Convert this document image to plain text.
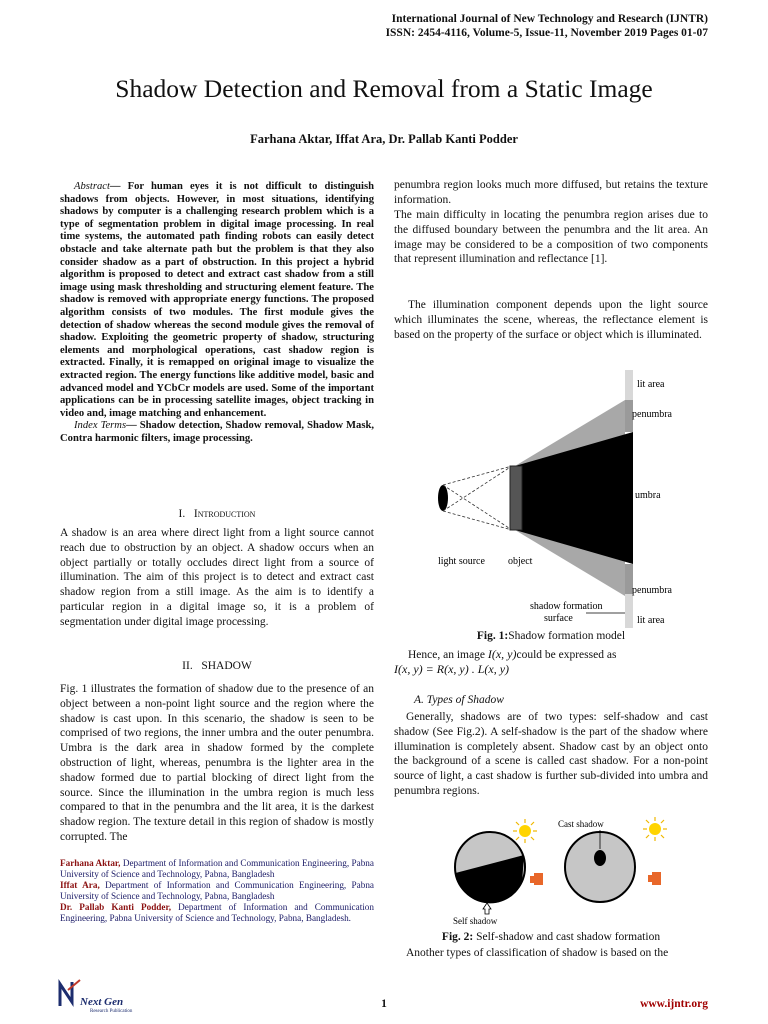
International Journal of New Technology and Research (IJNTR)
ISSN: 2454-4116, Volume-5, Issue-11, November 2019 Pages 01-07
Shadow Detection and Removal from a Static Image
Farhana Aktar, Iffat Ara, Dr. Pallab Kanti Podder
Abstract— For human eyes it is not difficult to distinguish shadows from objects. However, in most situations, identifying shadows by computer is a challenging research problem which is a type of segmentation problem in digital image processing. In real time systems, the automated path finding robots can easily detect obstacle and take alternate path but the problem is that they also consider shadow as a part of obstruction. In this project a hybrid algorithm is proposed to detect and extract cast shadow from a still image using mask thresholding and structuring element feature. The shadow is removed with appropriate energy functions. The proposed algorithm consists of two modules. The first module gives the detection of shadow whereas the second module gives the removal of shadow. Exploiting the geometric property of shadow, structuring elements and morphological operations, cast shadow region is extracted. Finally, it is remapped on original image to visualize the extracted region. The energy functions like additive model, basic and advanced model and YCbCr models are used. Some of the important applications can be in processing satellite images, object tracking in video and, image matching and enhancement.
Index Terms— Shadow detection, Shadow removal, Shadow Mask, Contra harmonic filters, image processing.
I. Introduction
A shadow is an area where direct light from a light source cannot reach due to obstruction by an object. A shadow occurs when an object partially or totally occludes direct light from a source of illumination. The aim of this project is to detect and extract cast shadow region from a still image. As the aim is to identify a particular region in a digital image so, it is a problem of segmentation under digital image processing.
II. SHADOW
Fig. 1 illustrates the formation of shadow due to the presence of an object between a non-point light source and the region where the shadow is cast upon. In this scenario, the shadow is seen to be comprised of two regions, the inner umbra and the outer penumbra. Umbra is the dark area in shadow formed by the complete obstruction of light, whereas, penumbra is the lighter area in the shadow formed due to partial blocking of direct light from the source. Since the illumination in the umbra region is much less compared to that in the penumbra and the lit area, it is the darkest shadow region. The texture detail in this region of shadow is mostly corrupted. The
Farhana Aktar, Department of Information and Communication Engineering, Pabna University of Science and Technology, Pabna, Bangladesh
Iffat Ara, Department of Information and Communication Engineering, Pabna University of Science and Technology, Pabna, Bangladesh
Dr. Pallab Kanti Podder, Department of Information and Communication Engineering, Pabna University of Science and Technology, Pabna, Bangladesh.
penumbra region looks much more diffused, but retains the texture information.
The main difficulty in locating the penumbra region arises due to the diffused boundary between the penumbra and the lit area. An image may be considered to be a composition of two components that represent illumination and reflectance [1].
The illumination component depends upon the light source which illuminates the scene, whereas, the reflectance element is based on the property of the surface or object which is illuminated.
lit area
penumbra
umbra
penumbra
lit area
light source object
shadow formation
surface
Fig. 1:Shadow formation model
Hence, an image I(x, y)could be expressed as
I(x, y) = R(x, y) . L(x, y)
A. Types of Shadow
Generally, shadows are of two types: self-shadow and cast shadow (See Fig.2). A self-shadow is the part of the shadow where illumination is completely absent. Shadow cast by an object onto the background of a scene is called cast shadow. For a non-point source of light, a cast shadow is further sub-divided into umbra and penumbra regions.
Self shadow
Cast shadow
Fig. 2: Self-shadow and cast shadow formation
Another types of classification of shadow is based on the
Next Gen
Research Publication
1	www.ijntr.org
